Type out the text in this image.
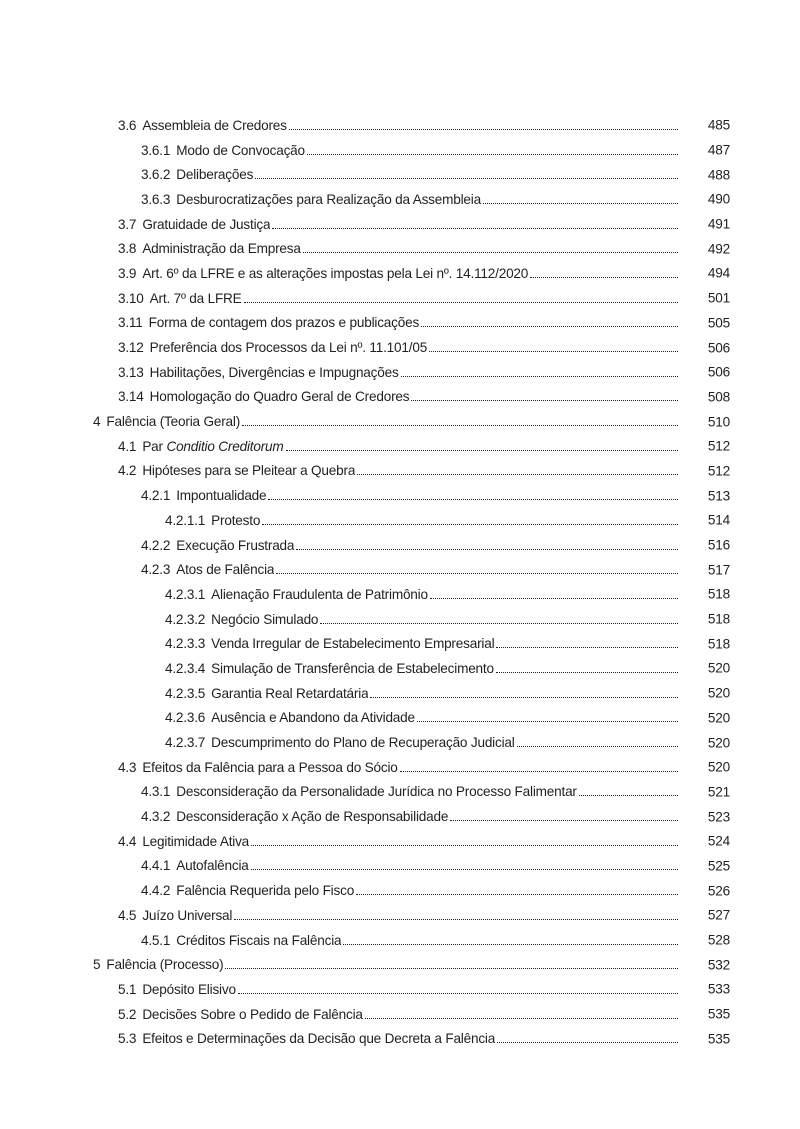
3.6 Assembleia de Credores	485
3.6.1 Modo de Convocação	487
3.6.2 Deliberações	488
3.6.3 Desburocratizações para Realização da Assembleia	490
3.7 Gratuidade de Justiça	491
3.8 Administração da Empresa	492
3.9 Art. 6º da LFRE e as alterações impostas pela Lei nº. 14.112/2020	494
3.10 Art. 7º da LFRE	501
3.11 Forma de contagem dos prazos e publicações	505
3.12 Preferência dos Processos da Lei nº. 11.101/05	506
3.13 Habilitações, Divergências e Impugnações	506
3.14 Homologação do Quadro Geral de Credores	508
4 Falência (Teoria Geral)	510
4.1 Par Conditio Creditorum	512
4.2 Hipóteses para se Pleitear a Quebra	512
4.2.1 Impontualidade	513
4.2.1.1 Protesto	514
4.2.2 Execução Frustrada	516
4.2.3 Atos de Falência	517
4.2.3.1 Alienação Fraudulenta de Patrimônio	518
4.2.3.2 Negócio Simulado	518
4.2.3.3 Venda Irregular de Estabelecimento Empresarial	518
4.2.3.4 Simulação de Transferência de Estabelecimento	520
4.2.3.5 Garantia Real Retardatária	520
4.2.3.6 Ausência e Abandono da Atividade	520
4.2.3.7 Descumprimento do Plano de Recuperação Judicial	520
4.3 Efeitos da Falência para a Pessoa do Sócio	520
4.3.1 Desconsideração da Personalidade Jurídica no Processo Falimentar	521
4.3.2 Desconsideração x Ação de Responsabilidade	523
4.4 Legitimidade Ativa	524
4.4.1 Autofalência	525
4.4.2 Falência Requerida pelo Fisco	526
4.5 Juízo Universal	527
4.5.1 Créditos Fiscais na Falência	528
5 Falência (Processo)	532
5.1 Depósito Elisivo	533
5.2 Decisões Sobre o Pedido de Falência	535
5.3 Efeitos e Determinações da Decisão que Decreta a Falência	535
